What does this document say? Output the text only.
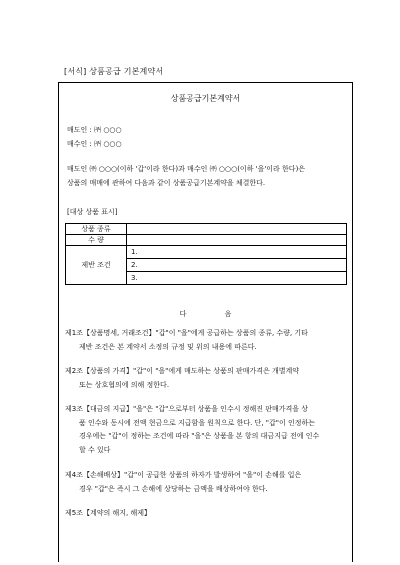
[서식] 상품공급 기본계약서
상품공급기본계약서
매도인 : ㈜ ○○○
매수인 : ㈜ ○○○
매도인 ㈜ ○○○(이하 '갑'이라 한다)과 매수인 ㈜ ○○○(이하 '을'이라 한다)은
상품의 매매에 관하여 다음과 같이 상품공급기본계약을 체결한다.
[대상 상품 표시]
상품 종류	
수 량	
제반 조건	1.
2.
3.
다 음
제1조【상품명세, 거래조건】"갑"이 "을"에게 공급하는 상품의 종류, 수량, 기타
제반 조건은 본 계약서 소정의 규정 및 위의 내용에 따른다.
제2조【상품의 가격】"갑"이 "을"에게 매도하는 상품의 판매가격은 개별계약
또는 상호협의에 의해 정한다.
제3조【대금의 지급】"을"은 "갑"으로부터 상품을 인수시 정해진 판매가격을 상
품 인수와 동시에 전액 현금으로 지급함을 원칙으로 한다. 단, "갑"이 인정하는
경우에는 "갑"이 정하는 조건에 따라 "을"은 상품을 본 항의 대금지급 전에 인수
할 수 있다
제4조【손해배상】"갑"이 공급한 상품의 하자가 발생하여 "을"이 손해를 입은
경우 "갑"은 즉시 그 손해에 상당하는 금액을 배상하여야 한다.
제5조【계약의 해지, 해제】
